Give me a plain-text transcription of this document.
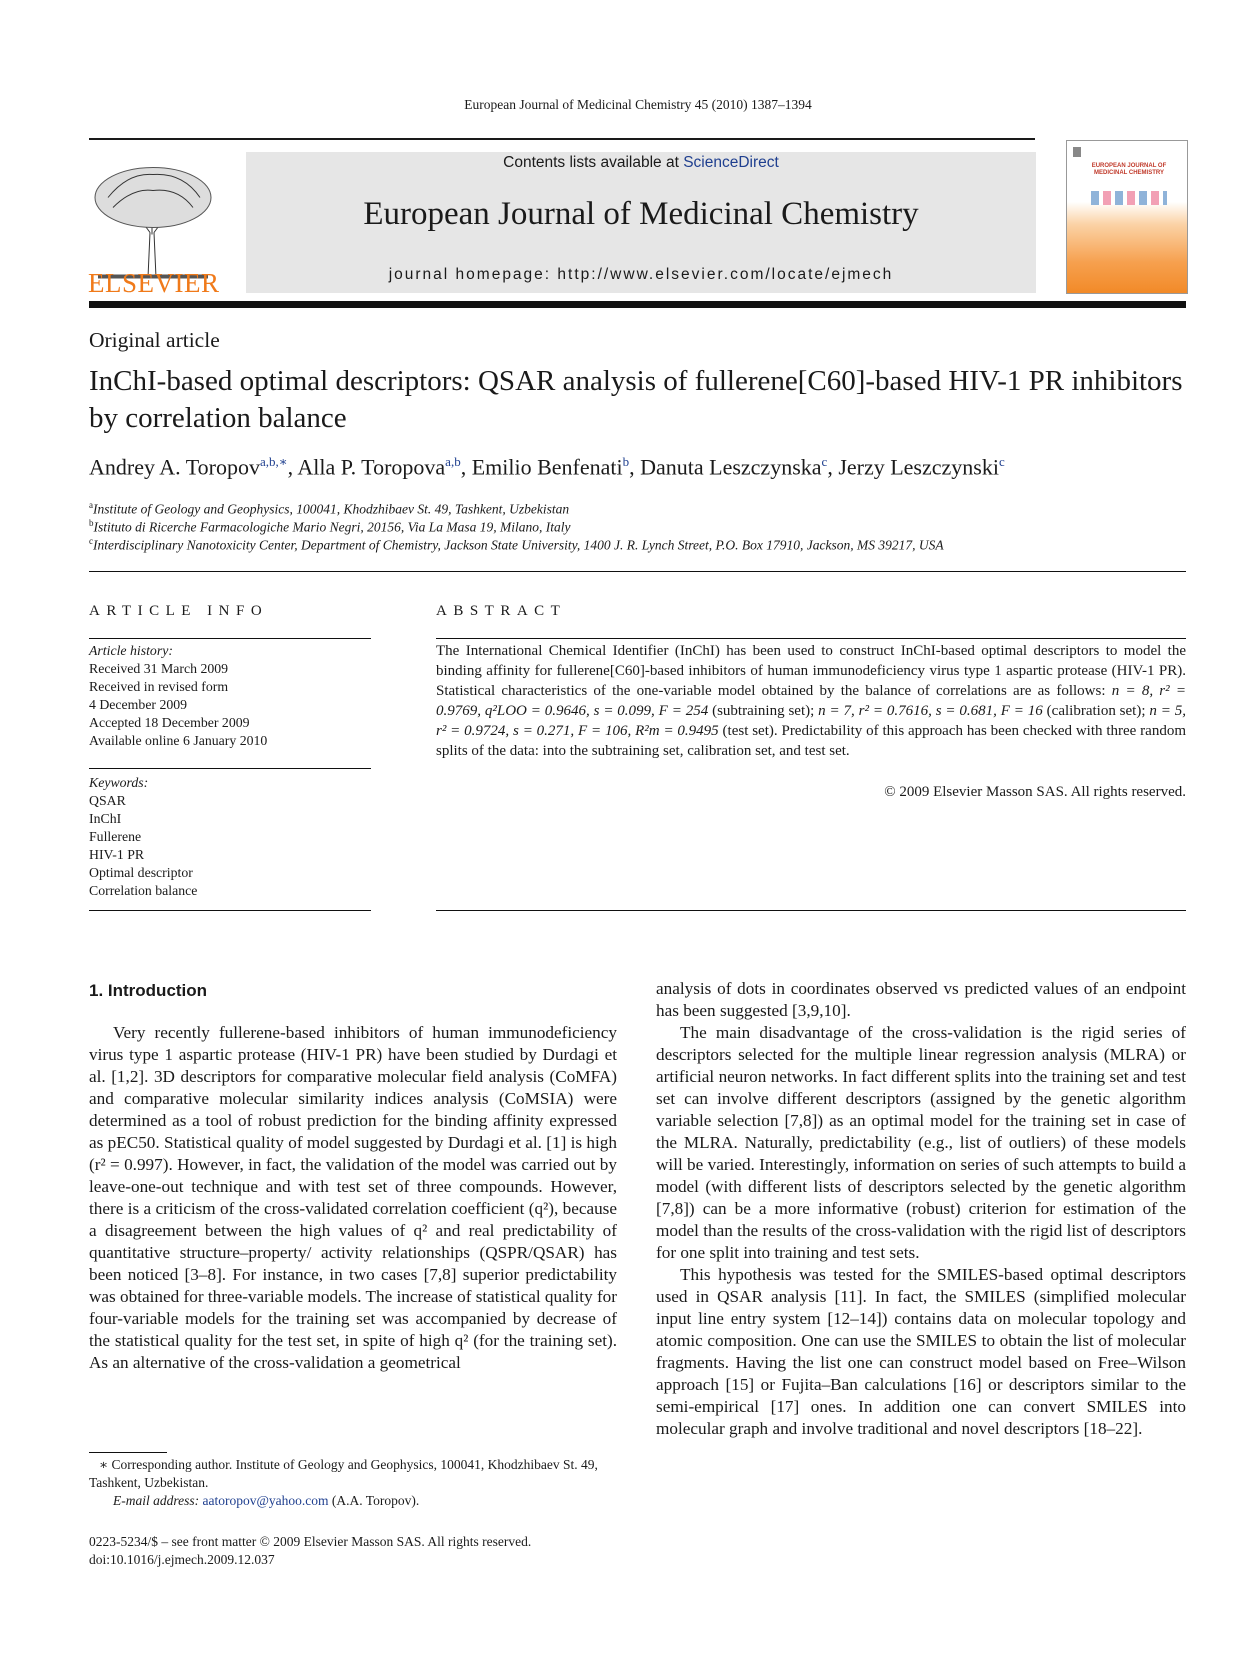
European Journal of Medicinal Chemistry 45 (2010) 1387–1394
ELSEVIER
Contents lists available at ScienceDirect
European Journal of Medicinal Chemistry
journal homepage: http://www.elsevier.com/locate/ejmech
EUROPEAN JOURNAL OF MEDICINAL CHEMISTRY
Original article
InChI-based optimal descriptors: QSAR analysis of fullerene[C60]-based HIV-1 PR inhibitors by correlation balance
Andrey A. Toropov$^{a,b,∗}$, Alla P. Toropova$^{a,b}$, Emilio Benfenati$^b$, Danuta Leszczynska$^c$, Jerzy Leszczynski$^c$
$^a$Institute of Geology and Geophysics, 100041, Khodzhibaev St. 49, Tashkent, Uzbekistan
$^b$Istituto di Ricerche Farmacologiche Mario Negri, 20156, Via La Masa 19, Milano, Italy
$^c$Interdisciplinary Nanotoxicity Center, Department of Chemistry, Jackson State University, 1400 J. R. Lynch Street, P.O. Box 17910, Jackson, MS 39217, USA
ARTICLE INFO
Article history:
Received 31 March 2009
Received in revised form
4 December 2009
Accepted 18 December 2009
Available online 6 January 2010
Keywords:
QSAR
InChI
Fullerene
HIV-1 PR
Optimal descriptor
Correlation balance
ABSTRACT
The International Chemical Identifier (InChI) has been used to construct InChI-based optimal descriptors to model the binding affinity for fullerene[C60]-based inhibitors of human immunodeficiency virus type 1 aspartic protease (HIV-1 PR). Statistical characteristics of the one-variable model obtained by the balance of correlations are as follows: n = 8, r² = 0.9769, q²LOO = 0.9646, s = 0.099, F = 254 (subtraining set); n = 7, r² = 0.7616, s = 0.681, F = 16 (calibration set); n = 5, r² = 0.9724, s = 0.271, F = 106, R²m = 0.9495 (test set). Predictability of this approach has been checked with three random splits of the data: into the subtraining set, calibration set, and test set.
© 2009 Elsevier Masson SAS. All rights reserved.
1. Introduction

Very recently fullerene-based inhibitors of human immunodeficiency virus type 1 aspartic protease (HIV-1 PR) have been studied by Durdagi et al. [1,2]. 3D descriptors for comparative molecular field analysis (CoMFA) and comparative molecular similarity indices analysis (CoMSIA) were determined as a tool of robust prediction for the binding affinity expressed as pEC50. Statistical quality of model suggested by Durdagi et al. [1] is high (r² = 0.997). However, in fact, the validation of the model was carried out by leave-one-out technique and with test set of three compounds. However, there is a criticism of the cross-validated correlation coefficient (q²), because a disagreement between the high values of q² and real predictability of quantitative structure–property/ activity relationships (QSPR/QSAR) has been noticed [3–8]. For instance, in two cases [7,8] superior predictability was obtained for three-variable models. The increase of statistical quality for four-variable models for the training set was accompanied by decrease of the statistical quality for the test set, in spite of high q² (for the training set). As an alternative of the cross-validation a geometrical

analysis of dots in coordinates observed vs predicted values of an endpoint has been suggested [3,9,10].

The main disadvantage of the cross-validation is the rigid series of descriptors selected for the multiple linear regression analysis (MLRA) or artificial neuron networks. In fact different splits into the training set and test set can involve different descriptors (assigned by the genetic algorithm variable selection [7,8]) as an optimal model for the training set in case of the MLRA. Naturally, predictability (e.g., list of outliers) of these models will be varied. Interestingly, information on series of such attempts to build a model (with different lists of descriptors selected by the genetic algorithm [7,8]) can be a more informative (robust) criterion for estimation of the model than the results of the cross-validation with the rigid list of descriptors for one split into training and test sets.

This hypothesis was tested for the SMILES-based optimal descriptors used in QSAR analysis [11]. In fact, the SMILES (simplified molecular input line entry system [12–14]) contains data on molecular topology and atomic composition. One can use the SMILES to obtain the list of molecular fragments. Having the list one can construct model based on Free–Wilson approach [15] or Fujita–Ban calculations [16] or descriptors similar to the semi-empirical [17] ones. In addition one can convert SMILES into molecular graph and involve traditional and novel descriptors [18–22].

∗ Corresponding author. Institute of Geology and Geophysics, 100041, Khodzhibaev St. 49, Tashkent, Uzbekistan.
E-mail address: aatoropov@yahoo.com (A.A. Toropov).
0223-5234/$ – see front matter © 2009 Elsevier Masson SAS. All rights reserved.
doi:10.1016/j.ejmech.2009.12.037
